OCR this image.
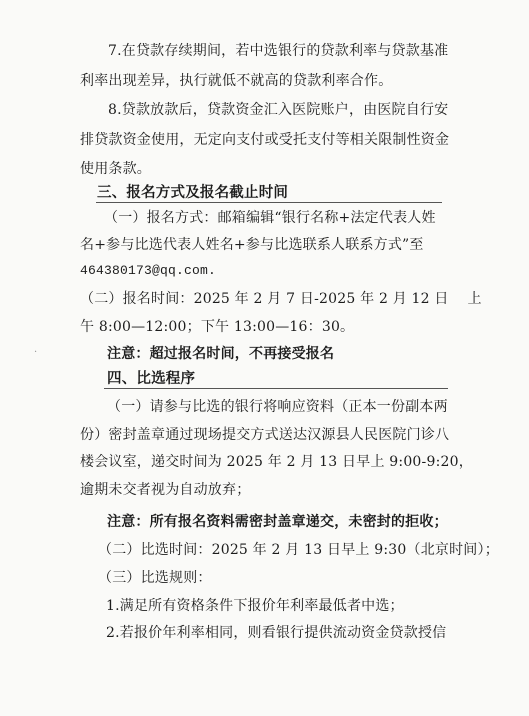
7.在贷款存续期间，若中选银行的贷款利率与贷款基准
利率出现差异，执行就低不就高的贷款利率合作。
8.贷款放款后，贷款资金汇入医院账户，由医院自行安
排贷款资金使用，无定向支付或受托支付等相关限制性资金
使用条款。
三、报名方式及报名截止时间
（一）报名方式：邮箱编辑“银行名称+法定代表人姓
名+参与比选代表人姓名+参与比选联系人联系方式”至
464380173@qq.com.
（二）报名时间：2025 年 2 月 7 日-2025 年 2 月 12 日　 上
午 8:00—12:00；下午 13:00—16：30。
注意：超过报名时间，不再接受报名
·
四、比选程序
（一）请参与比选的银行将响应资料（正本一份副本两
份）密封盖章通过现场提交方式送达汉源县人民医院门诊八
楼会议室，递交时间为 2025 年 2 月 13 日早上 9:00-9:20，
逾期未交者视为自动放弃；
注意：所有报名资料需密封盖章递交，未密封的拒收；
（二）比选时间：2025 年 2 月 13 日早上 9:30（北京时间）；
（三）比选规则：
1.满足所有资格条件下报价年利率最低者中选；
2.若报价年利率相同，则看银行提供流动资金贷款授信
